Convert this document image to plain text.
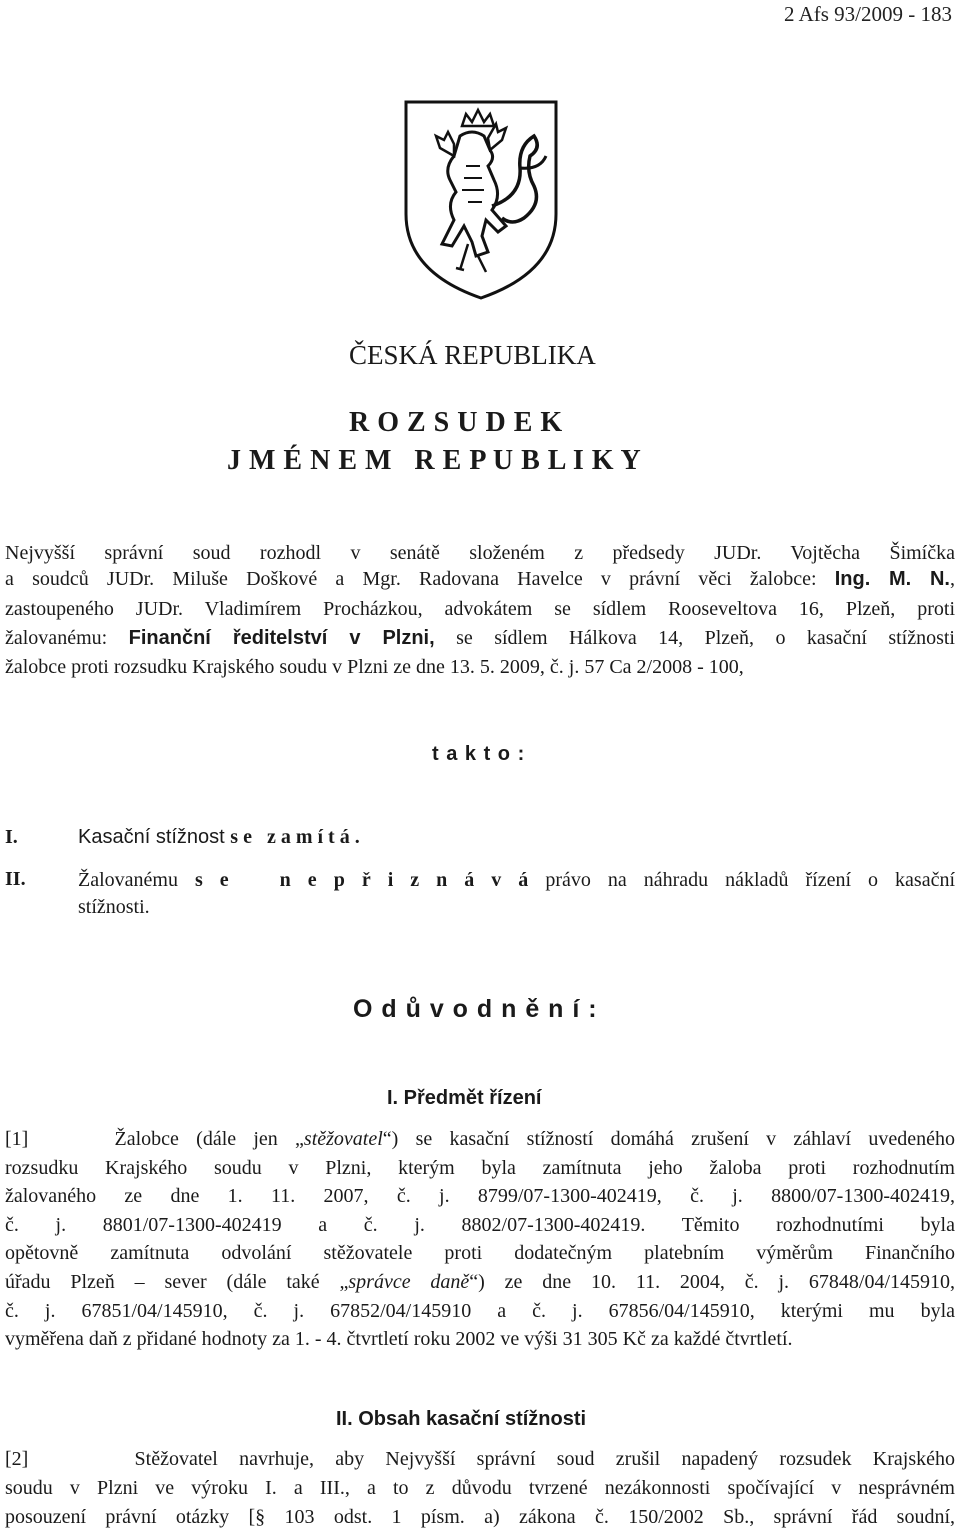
2 Afs 93/2009 - 183
ČESKÁ REPUBLIKA
R O Z S U D E K
J M É N E M   R E P U B L I K Y
Nejvyšší správní soud rozhodl v senátě složeném z předsedy JUDr. Vojtěcha Šimíčka
a soudců JUDr. Miluše Doškové a Mgr. Radovana Havelce v právní věci žalobce: Ing. M. N.,
zastoupeného JUDr. Vladimírem Procházkou, advokátem se sídlem Rooseveltova 16, Plzeň, proti
žalovanému: Finanční ředitelství v Plzni, se sídlem Hálkova 14, Plzeň, o kasační stížnosti
žalobce proti rozsudku Krajského soudu v Plzni ze dne 13. 5. 2009, č. j. 57 Ca 2/2008 - 100,
t a k t o :
I.	Kasační stížnost s e   z a m í t á .
II.	Žalovanému s e   n e p ř i z n á v á právo na náhradu nákladů řízení o kasační
stížnosti.
O d ů v o d n ě n í :
I. Předmět řízení
[1]     Žalobce (dále jen „stěžovatel“) se kasační stížností domáhá zrušení v záhlaví uvedeného
rozsudku Krajského soudu v Plzni, kterým byla zamítnuta jeho žaloba proti rozhodnutím
žalovaného ze dne 1. 11. 2007, č. j. 8799/07-1300-402419, č. j. 8800/07-1300-402419,
č. j. 8801/07-1300-402419 a č. j. 8802/07-1300-402419. Těmito rozhodnutími byla
opětovně zamítnuta odvolání stěžovatele proti dodatečným platebním výměrům Finančního
úřadu Plzeň – sever (dále také „správce daně“) ze dne 10. 11. 2004, č. j. 67848/04/145910,
č. j. 67851/04/145910, č. j. 67852/04/145910 a č. j. 67856/04/145910, kterými mu byla
vyměřena daň z přidané hodnoty za 1. - 4. čtvrtletí roku 2002 ve výši 31 305 Kč za každé čtvrtletí.
II. Obsah kasační stížnosti
[2]     Stěžovatel navrhuje, aby Nejvyšší správní soud zrušil napadený rozsudek Krajského
soudu v Plzni ve výroku I. a III., a to z důvodu tvrzené nezákonnosti spočívající v nesprávném
posouzení právní otázky [§ 103 odst. 1 písm. a) zákona č. 150/2002 Sb., správní řád soudní,
